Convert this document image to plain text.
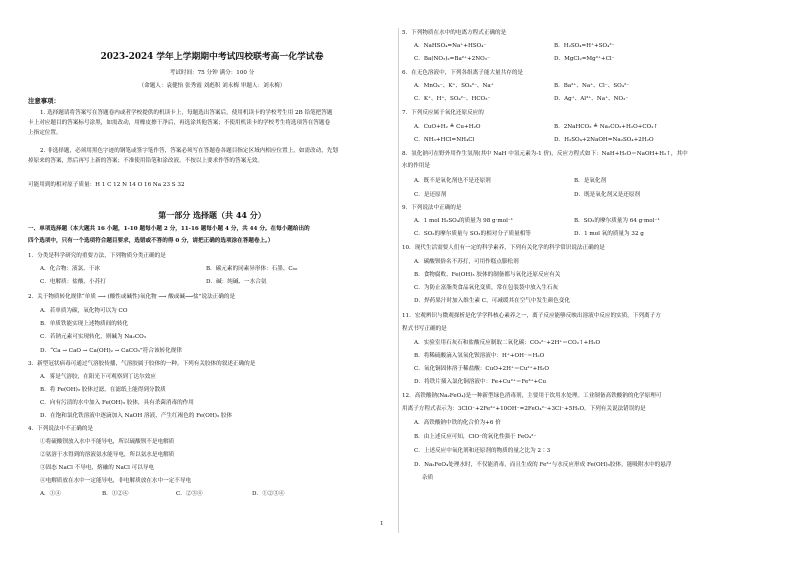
2023-2024 学年上学期期中考试四校联考高一化学试卷
考试时间：75 分钟 满分：100 分
（命题人：袁健怡 张秀霞 刘彪积 刘永梅 审题人：刘永梅）
注意事项：
1. 选择题请将答案写在答题卷内或者学校提供的机读卡上，每题选出答案后，使用机读卡的学校考生用 2B 铅笔把答题
卡上对应题目的答案标号涂黑，如需改动，用橡皮擦干净后，再选涂其他答案；不使用机读卡的学校考生将选项答在答题卷
上指定位置。
2. 非选择题，必须用黑色字迹的钢笔或签字笔作答，答案必须写在答题卷各题目指定区域内相应位置上，如需改动，先划
掉原来的答案，然后再写上新的答案；不准使用铅笔和涂改液。不按以上要求作答的答案无效。
可能用到的相对原子质量：H 1 C 12 N 14 O 16 Na 23 S 32
第一部分 选择题（共 44 分）
一、单项选择题（本大题共 16 小题，1-10 题每小题 2 分，11-16 题每小题 4 分，共 44 分。在每小题给出的
四个选项中，只有一个选项符合题目要求，选错或不答的得 0 分，请把正确的选项涂在答题卷上。）
1．分类是科学研究的重要方法，下列物质分类正确的是
A．化合物：液氯、干冰	B．碳元素的同素异形体：石墨、C₆₀
C．电解质：盐酸、小苏打	D．碱：纯碱、一水合氨
2．关于物质转化规律“单质 ⟶ (酸性或碱性)氧化物 ⟶ 酸或碱⟶盐”说法正确的是
A．若单质为碳，氧化物可以为 CO
B．单质铁能实现上述物质间的转化
C．若钠元素可实现转化，则碱为 Na₂CO₃
D．“Ca → CaO → Ca(OH)₂ → CaCO₃”符合该转化规律
3．新型冠状病毒可通过气溶胶传播，气溶胶属于胶体的一种。下列有关胶体的叙述正确的是
A．雾是气溶胶，在阳光下可观察到丁达尔效应
B．将 Fe(OH)₃ 胶体过滤，在滤纸上能得到分散质
C．向有污渍的水中加入 Fe(OH)₃ 胶体，具有杀菌消毒的作用
D．在饱和氯化铁溶液中逐滴加入 NaOH 溶液，产生红褐色的 Fe(OH)₃ 胶体
4．下列说法中不正确的是
①将硫酸钡放入水中不能导电，所以硫酸钡不是电解质
②氨溶于水得到的溶液氨水能导电，所以氨水是电解质
③固态 NaCl 不导电，熔融的 NaCl 可以导电
④电解质放在水中一定能导电，非电解质放在水中一定不导电
A．①④	B．①②④	C．②③④	D．①②③④
5．下列物质在水中的电离方程式正确的是
A．NaHSO₄=Na⁺+HSO₄⁻	B．H₂SO₄=H⁺+SO₄²⁻
C．Ba(NO₃)₂=Ba²⁺+2NO₃⁻	D．MgCl₂=Mg²⁺+Cl⁻
6．在无色溶液中，下列各组离子能大量共存的是
A．MnO₄⁻、K⁺、SO₄²⁻、Na⁺	B．Ba²⁺、Na⁺、Cl⁻、SO₄²⁻
C．K⁺、H⁺、SO₄²⁻、HCO₃⁻	D．Ag⁺、Al³⁺、Na⁺、NO₃⁻
7．下列反应属于氧化还原反应的
A．CuO+H₂ ≜ Cu+H₂O	B．2NaHCO₃ ≜ Na₂CO₃+H₂O+CO₂↑
C．NH₃+HCl=NH₄Cl	D．H₂SO₄+2NaOH=Na₂SO₄+2H₂O
8．氢化钠可在野外用作生氢剂(其中 NaH 中氢元素为-1 价)，反应方程式如下：NaH+H₂O＝NaOH+H₂↑，其中
水的作用是
A．既不是氧化剂也不是还原剂	B．是氧化剂
C．是还原剂	D．既是氧化剂又是还原剂
9．下列说法中正确的是
A．1 mol H₂SO₄的质量为 98 g·mol⁻¹	B．SO₂的摩尔质量为 64 g·mol⁻¹
C．SO₂的摩尔质量与 SO₂的相对分子质量相等	D．1 mol 氧的质量为 32 g
10．现代生活需要人们有一定的科学素养，下列有关化学的科学常识说法正确的是
A．碳酸钡俗名不苏打，可用作糕点膨松剂
B．食物腐败、Fe(OH)₃ 胶体的制备都与氧化还原反应有关
C．为防止富脂类食品氧化变质，常在包装袋中放入生石灰
D．焊药果汁时加入维生素 C，可减缓其在空气中发生颜色变化
11．宏观辨识与微观探析是化学学科核心素养之一，离子反应能够反映出溶液中反应的实质。下列离子方
程式书写正确的是
A．实验室用石灰石和盐酸反应制取二氧化碳：CO₃²⁻+2H⁺＝CO₂↑+H₂O
B．将稀硫酸滴入氢氧化钡溶液中：H⁺+OH⁻＝H₂O
C．氧化铜固体溶于稀盐酸：CuO+2H⁺＝Cu²⁺+H₂O
D．将铁片插入氯化铜溶液中：Fe+Cu²⁺＝Fe³⁺+Cu
12．高铁酸钠(Na₂FeO₄)是一种新型绿色消毒剂，主要用于饮用水处理。工业制备高铁酸钠的化学原理可
用离子方程式表示为：3ClO⁻+2Fe³⁺+10OH⁻=2FeO₄²⁻+3Cl⁻+5H₂O。下列有关说法错误的是
A．高铁酸钠中铁的化合价为+6 价
B．由上述反应可知，ClO⁻的氧化性强于 FeO₄²⁻
C．上述反应中氧化剂和还原剂的物质的量之比为 2∶3
D．Na₂FeO₄处理水时，不仅能消毒，而且生成的 Fe³⁺与水反应形成 Fe(OH)₃胶体，能吸附水中的悬浮
杂质
1
